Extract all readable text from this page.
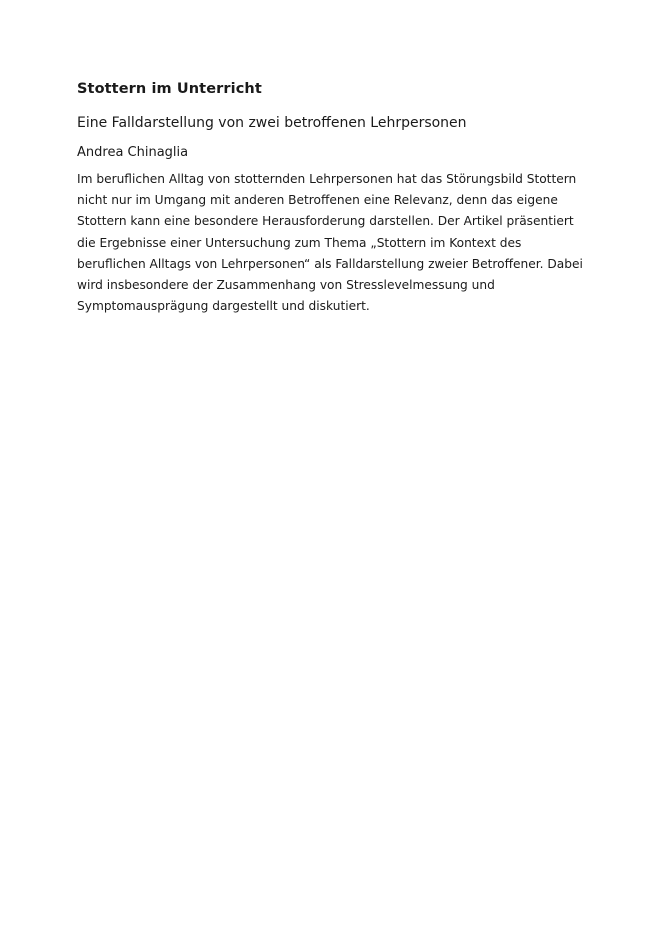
Stottern im Unterricht
Eine Falldarstellung von zwei betroffenen Lehrpersonen
Andrea Chinaglia

Im beruflichen Alltag von stotternden Lehrpersonen hat das Störungsbild Stottern
nicht nur im Umgang mit anderen Betroffenen eine Relevanz, denn das eigene
Stottern kann eine besondere Herausforderung darstellen. Der Artikel präsentiert
die Ergebnisse einer Untersuchung zum Thema „Stottern im Kontext des
beruflichen Alltags von Lehrpersonen“ als Falldarstellung zweier Betroffener. Dabei
wird insbesondere der Zusammenhang von Stresslevelmessung und
Symptomausprägung dargestellt und diskutiert.
